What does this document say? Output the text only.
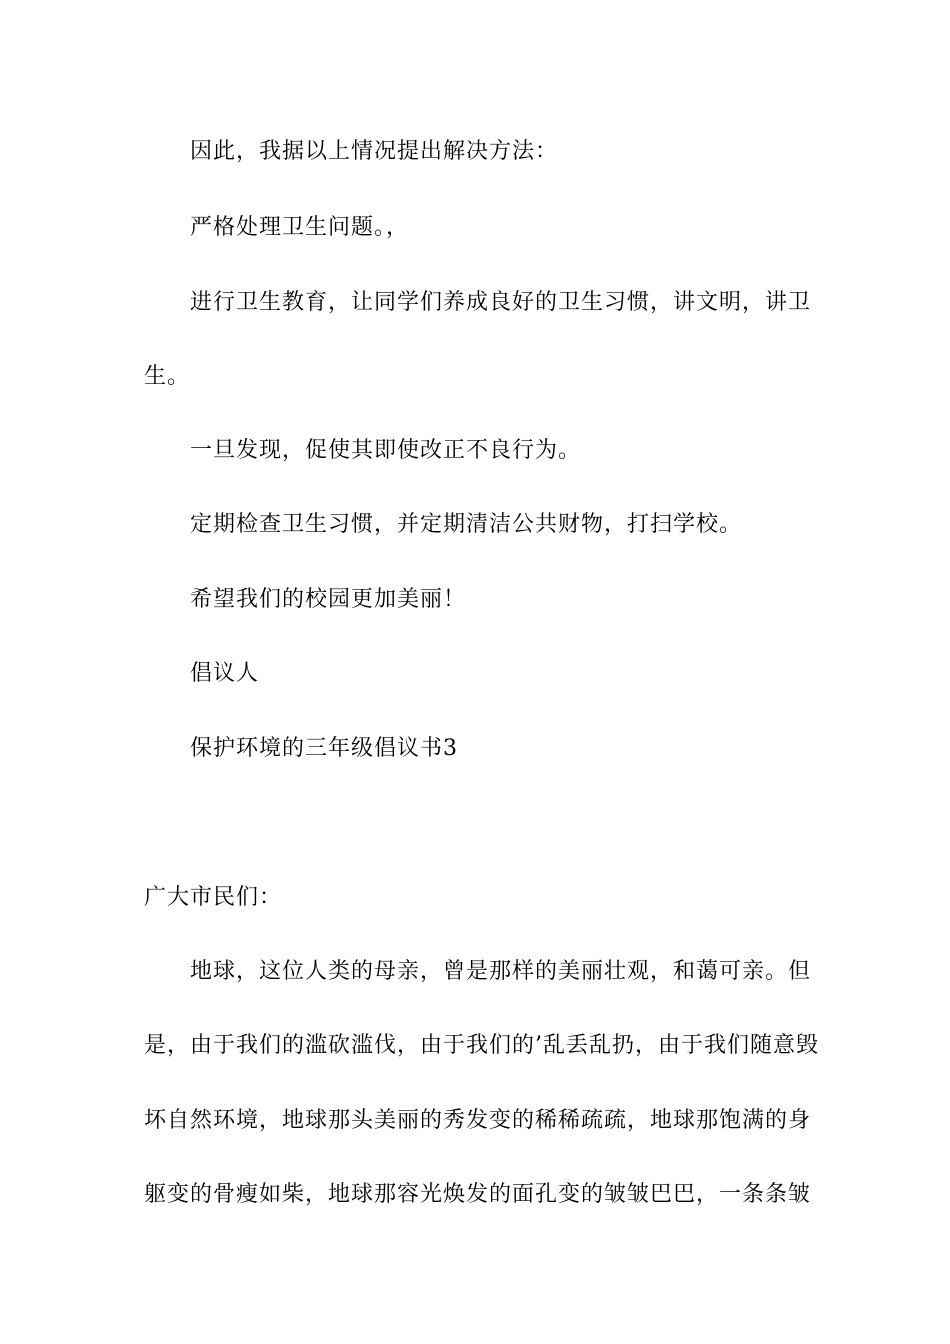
因此，我据以上情况提出解决方法：
严格处理卫生问题。，
进行卫生教育，让同学们养成良好的卫生习惯，讲文明，讲卫
生。
一旦发现，促使其即使改正不良行为。
定期检查卫生习惯，并定期清洁公共财物，打扫学校。
希望我们的校园更加美丽！
倡议人
保护环境的三年级倡议书3
广大市民们：
地球，这位人类的母亲，曾是那样的美丽壮观，和蔼可亲。但
是，由于我们的滥砍滥伐，由于我们的’乱丢乱扔，由于我们随意毁
坏自然环境，地球那头美丽的秀发变的稀稀疏疏，地球那饱满的身
躯变的骨瘦如柴，地球那容光焕发的面孔变的皱皱巴巴，一条条皱
